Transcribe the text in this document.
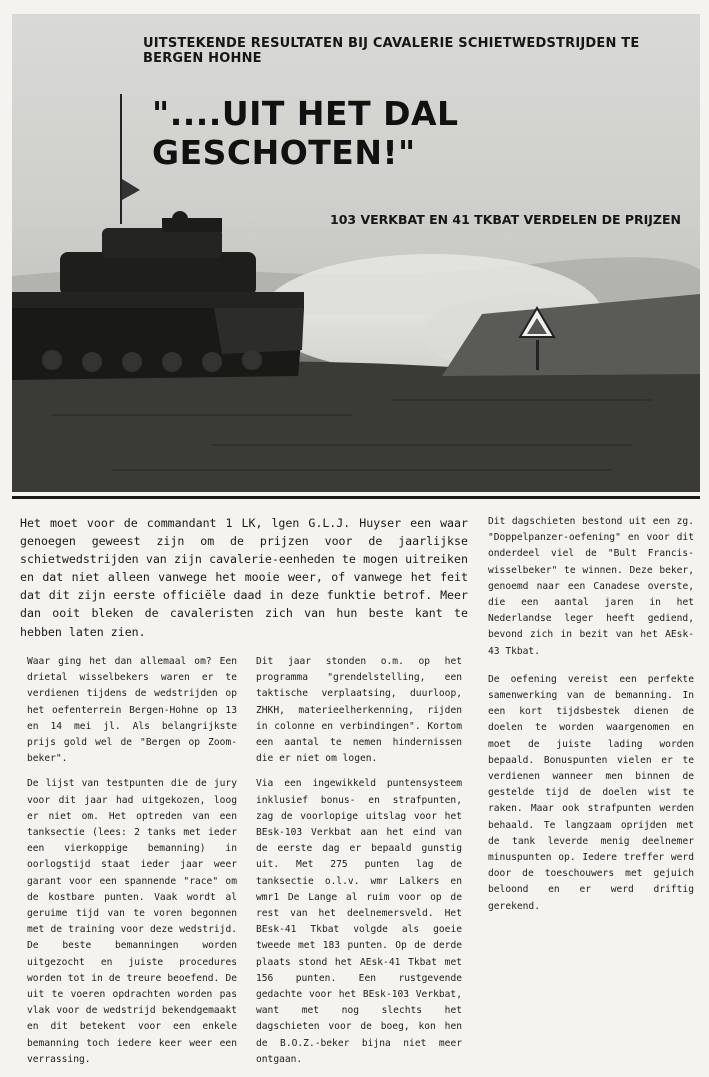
UITSTEKENDE RESULTATEN BIJ CAVALERIE SCHIETWEDSTRIJDEN TE BERGEN HOHNE
"....UIT HET DAL GESCHOTEN!"
103 VERKBAT EN 41 TKBAT VERDELEN DE PRIJZEN
Het moet voor de commandant 1 LK, lgen G.L.J. Huyser een waar genoegen geweest zijn om de prijzen voor de jaarlijkse schietwedstrijden van zijn cavalerie-eenheden te mogen uitreiken en dat niet alleen vanwege het mooie weer, of vanwege het feit dat dit zijn eerste officiële daad in deze funktie betrof. Meer dan ooit bleken de cavaleristen zich van hun beste kant te hebben laten zien.

Waar ging het dan allemaal om? Een drietal wisselbekers waren er te verdienen tijdens de wedstrijden op het oefenterrein Bergen-Hohne op 13 en 14 mei jl. Als belangrijkste prijs gold wel de "Bergen op Zoom-beker".

De lijst van testpunten die de jury voor dit jaar had uitgekozen, loog er niet om. Het optreden van een tanksectie (lees: 2 tanks met ieder een vierkoppige bemanning) in oorlogstijd staat ieder jaar weer garant voor een spannende "race" om de kostbare punten. Vaak wordt al geruime tijd van te voren begonnen met de training voor deze wedstrijd. De beste bemanningen worden uitgezocht en juiste procedures worden tot in de treure beoefend. De uit te voeren opdrachten worden pas vlak voor de wedstrijd bekendgemaakt en dit betekent voor een enkele bemanning toch iedere keer weer een verrassing.

Dit jaar stonden o.m. op het programma "grendelstelling, een taktische verplaatsing, duurloop, ZHKH, materieelherkenning, rijden in colonne en verbindingen". Kortom een aantal te nemen hindernissen die er niet om logen.

Via een ingewikkeld puntensysteem inklusief bonus- en strafpunten, zag de voorlopige uitslag voor het BEsk-103 Verkbat aan het eind van de eerste dag er bepaald gunstig uit. Met 275 punten lag de tanksectie o.l.v. wmr Lalkers en wmr1 De Lange al ruim voor op de rest van het deelnemersveld. Het BEsk-41 Tkbat volgde als goeie tweede met 183 punten. Op de derde plaats stond het AEsk-41 Tkbat met 156 punten. Een rustgevende gedachte voor het BEsk-103 Verkbat, want met nog slechts het dagschieten voor de boeg, kon hen de B.O.Z.-beker bijna niet meer ontgaan.

Dit dagschieten bestond uit een zg. "Doppelpanzer-oefening" en voor dit onderdeel viel de "Bult Francis-wisselbeker" te winnen. Deze beker, genoemd naar een Canadese overste, die een aantal jaren in het Nederlandse leger heeft gediend, bevond zich in bezit van het AEsk-43 Tkbat.

De oefening vereist een perfekte samenwerking van de bemanning. In een kort tijdsbestek dienen de doelen te worden waargenomen en moet de juiste lading worden bepaald. Bonuspunten vielen er te verdienen wanneer men binnen de gestelde tijd de doelen wist te raken. Maar ook strafpunten werden behaald. Te langzaam oprijden met de tank leverde menig deelnemer minuspunten op. Iedere treffer werd door de toeschouwers met gejuich beloond en er werd driftig gerekend.
